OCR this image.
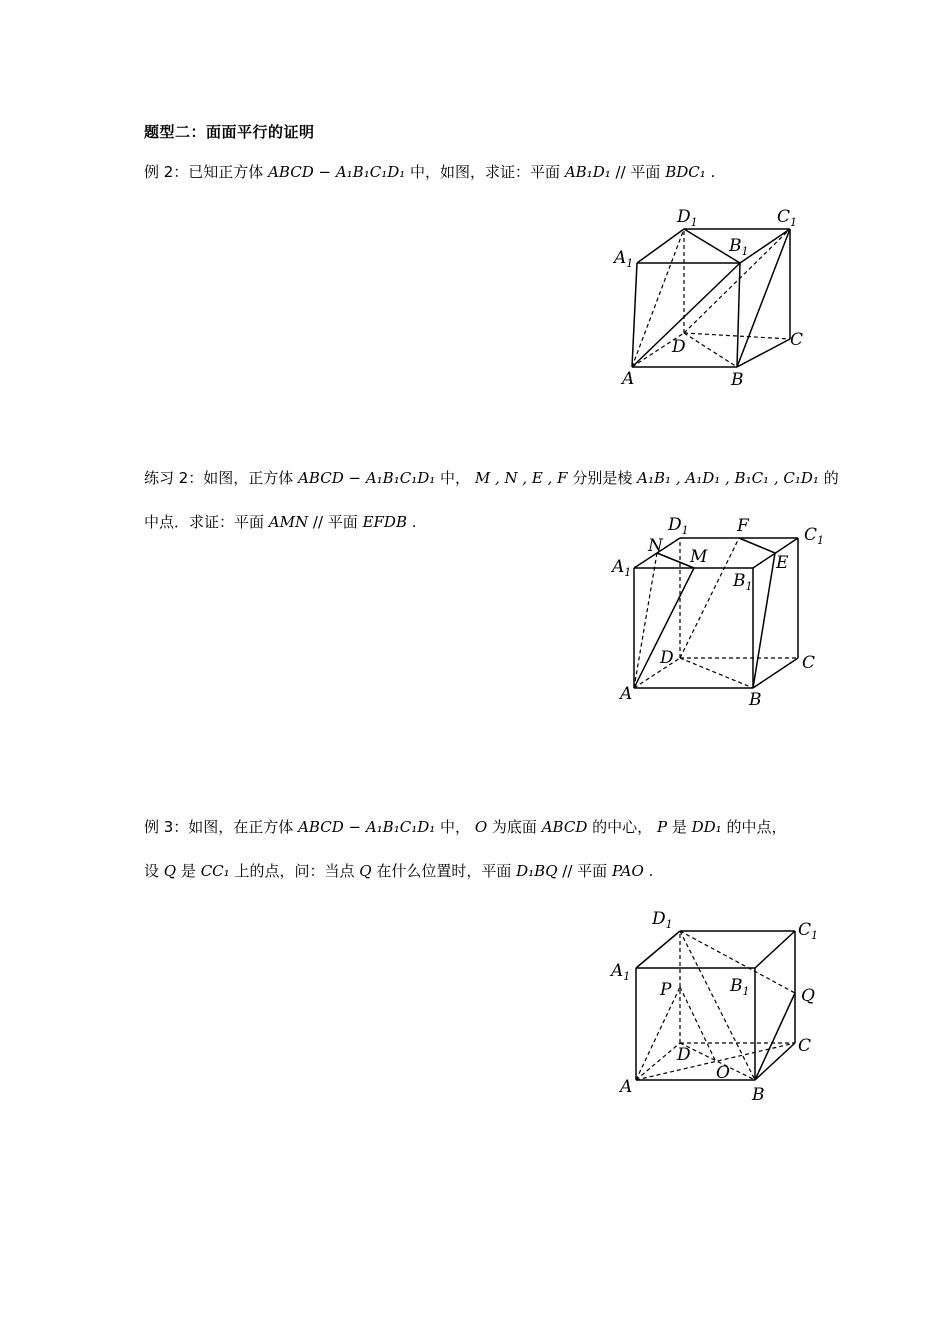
题型二：面面平行的证明
例 2：已知正方体 ABCD − A₁B₁C₁D₁ 中，如图，求证：平面 AB₁D₁ // 平面 BDC₁ .
$D_1$	$C_1$
$A_1$
$B_1$
D	C
A	B
练习 2：如图，正方体 ABCD − A₁B₁C₁D₁ 中， M , N , E , F 分别是棱 A₁B₁ , A₁D₁ , B₁C₁ , C₁D₁ 的
中点．求证：平面 AMN // 平面 EFDB .	$D_1$	F	$C_1$
N
M
$A_1$	$B_1$
E
D	C
A	B
例 3：如图，在正方体 ABCD − A₁B₁C₁D₁ 中， O 为底面 ABCD 的中心， P 是 DD₁ 的中点，
设 Q 是 CC₁ 上的点，问：当点 Q 在什么位置时，平面 D₁BQ // 平面 PAO .
$D_1$	$C_1$
$A_1$	$B_1$
P	Q
D	C
O
A	B
